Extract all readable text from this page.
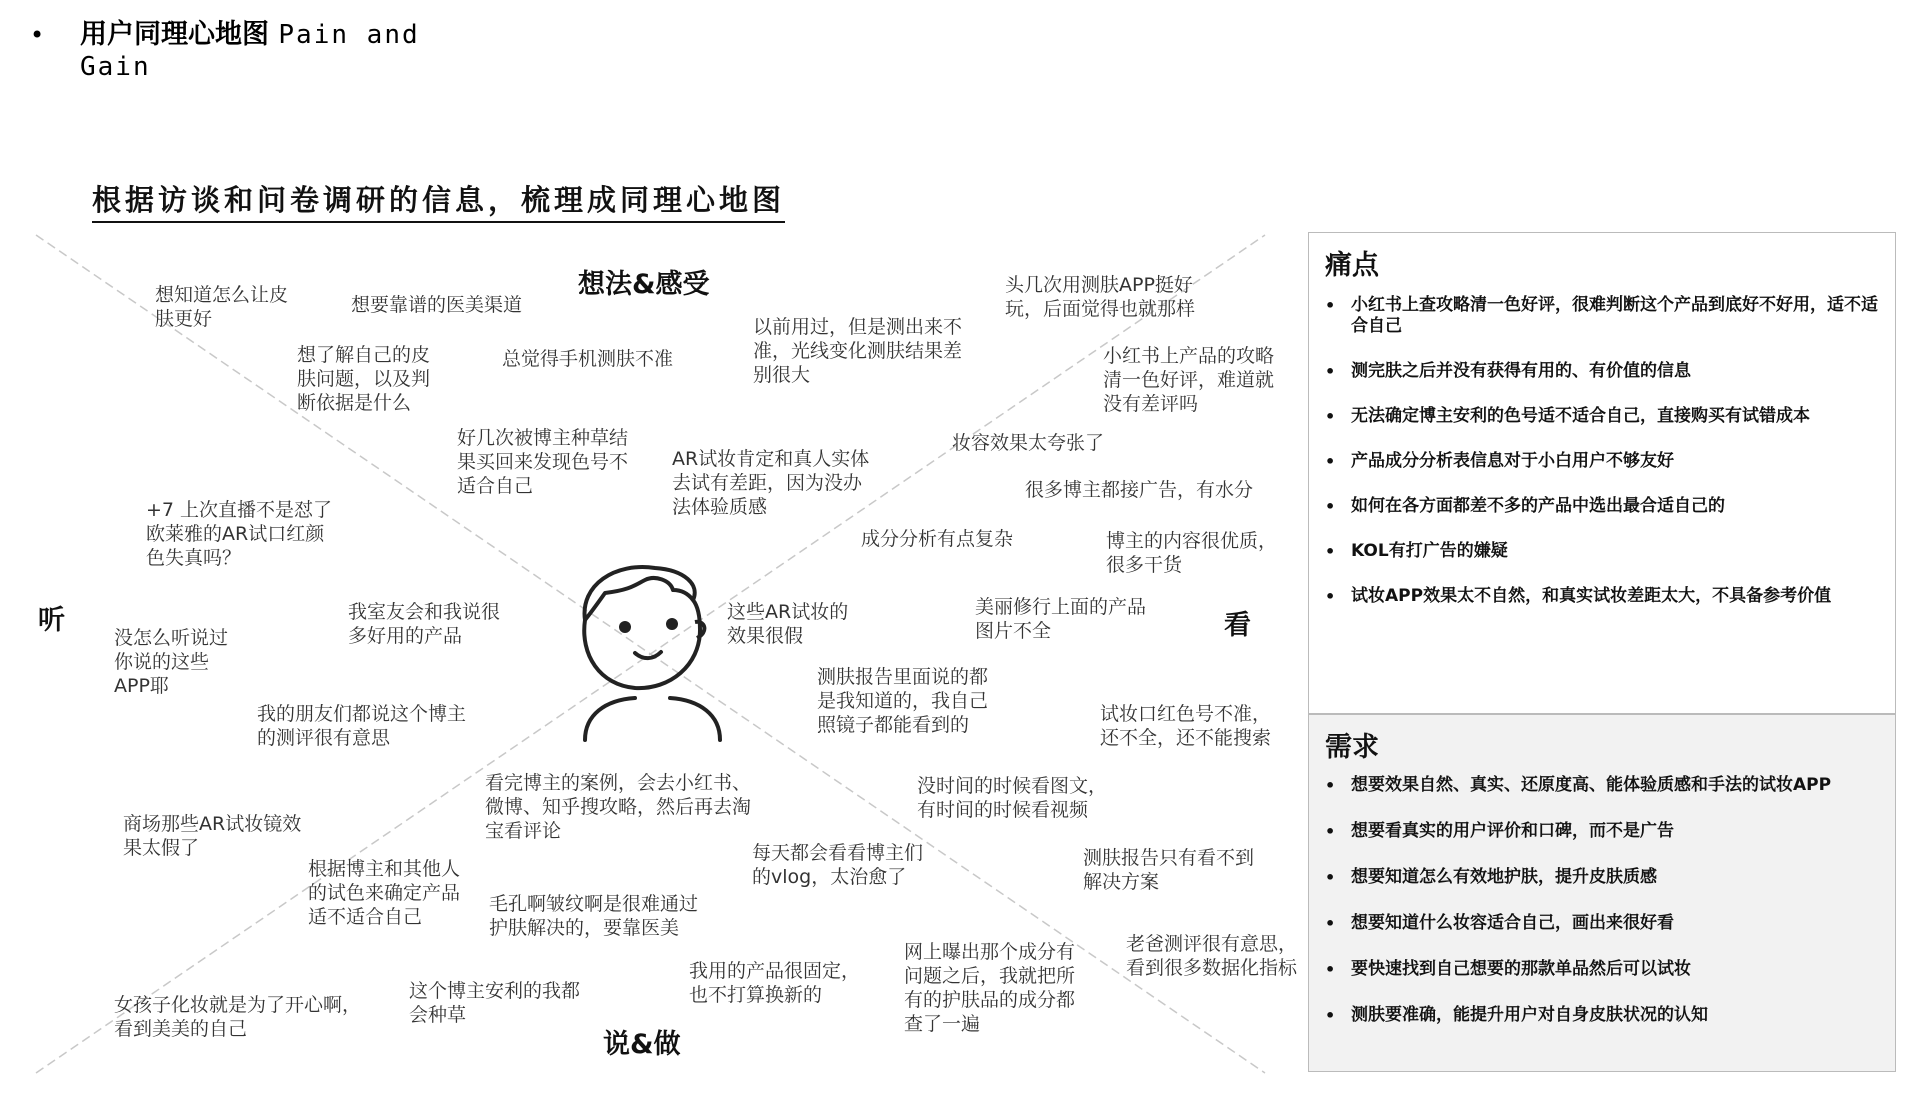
• 用户同理心地图 Pain and
Gain
根据访谈和问卷调研的信息，梳理成同理心地图
想法&感受
看
说&做
听
想知道怎么让皮
肤更好
想要靠谱的医美渠道
想了解自己的皮
肤问题，以及判
断依据是什么
总觉得手机测肤不准
以前用过，但是测出来不
准，光线变化测肤结果差
别很大
头几次用测肤APP挺好
玩，后面觉得也就那样
小红书上产品的攻略
清一色好评，难道就
没有差评吗
好几次被博主种草结
果买回来发现色号不
适合自己
AR试妆肯定和真人实体
去试有差距，因为没办
法体验质感
妆容效果太夸张了
很多博主都接广告，有水分
+7 上次直播不是怼了
欧莱雅的AR试口红颜
色失真吗？
成分分析有点复杂	博主的内容很优质，
很多干货
我室友会和我说很
多好用的产品
这些AR试妆的
效果很假
美丽修行上面的产品
图片不全
没怎么听说过
你说的这些
APP耶	测肤报告里面说的都
是我知道的，我自己
照镜子都能看到的
我的朋友们都说这个博主
的测评很有意思
试妆口红色号不准，
还不全，还不能搜索
看完博主的案例，会去小红书、
微博、知乎搜攻略，然后再去淘
宝看评论
没时间的时候看图文，
有时间的时候看视频
商场那些AR试妆镜效
果太假了	每天都会看看博主们
的vlog，太治愈了
测肤报告只有看不到
解决方案
根据博主和其他人
的试色来确定产品
适不适合自己
毛孔啊皱纹啊是很难通过
护肤解决的，要靠医美
网上曝出那个成分有
问题之后，我就把所
有的护肤品的成分都
查了一遍
老爸测评很有意思，
看到很多数据化指标
我用的产品很固定，
也不打算换新的
这个博主安利的我都
会种草
女孩子化妆就是为了开心啊，
看到美美的自己
痛点
• 小红书上查攻略清一色好评，很难判断这个产品到底好不好用，适不适合自己
• 测完肤之后并没有获得有用的、有价值的信息
• 无法确定博主安利的色号适不适合自己，直接购买有试错成本
• 产品成分分析表信息对于小白用户不够友好
• 如何在各方面都差不多的产品中选出最合适自己的
• KOL有打广告的嫌疑
• 试妆APP效果太不自然，和真实试妆差距太大，不具备参考价值
需求
• 想要效果自然、真实、还原度高、能体验质感和手法的试妆APP
• 想要看真实的用户评价和口碑，而不是广告
• 想要知道怎么有效地护肤，提升皮肤质感
• 想要知道什么妆容适合自己，画出来很好看
• 要快速找到自己想要的那款单品然后可以试妆
• 测肤要准确，能提升用户对自身皮肤状况的认知
